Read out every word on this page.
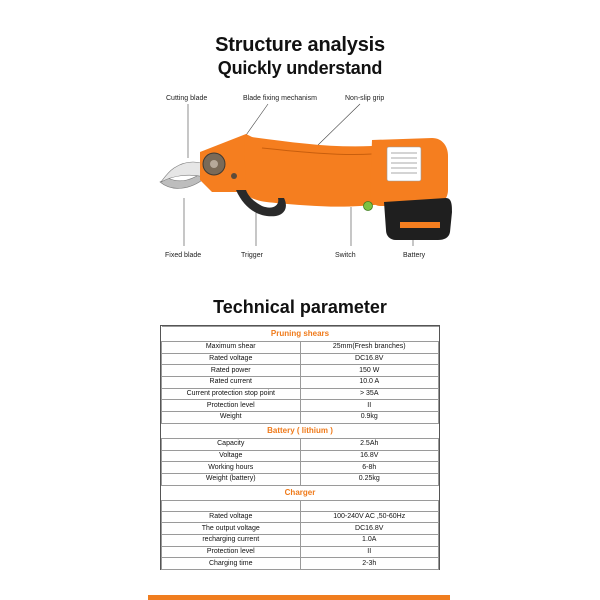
Structure analysis
Quickly understand
Cutting blade	Blade fixing mechanism	Non-slip grip
Fixed blade	Trigger	Switch	Battery
Technical parameter
Pruning shears	
Maximum shear	25mm(Fresh branches)
Rated voltage	DC16.8V
Rated power	150 W
Rated current	10.0 A
Current protection stop point	> 35A
Protection level	II
Weight	0.9kg
Battery ( lithium )	
Capacity	2.5Ah
Voltage	16.8V
Working hours	6-8h
Weight (battery)	0.25kg
Charger	

Rated voltage	100-240V AC ,50-60Hz
The output voltage	DC16.8V
recharging current	1.0A
Protection level	II
Charging time	2-3h
